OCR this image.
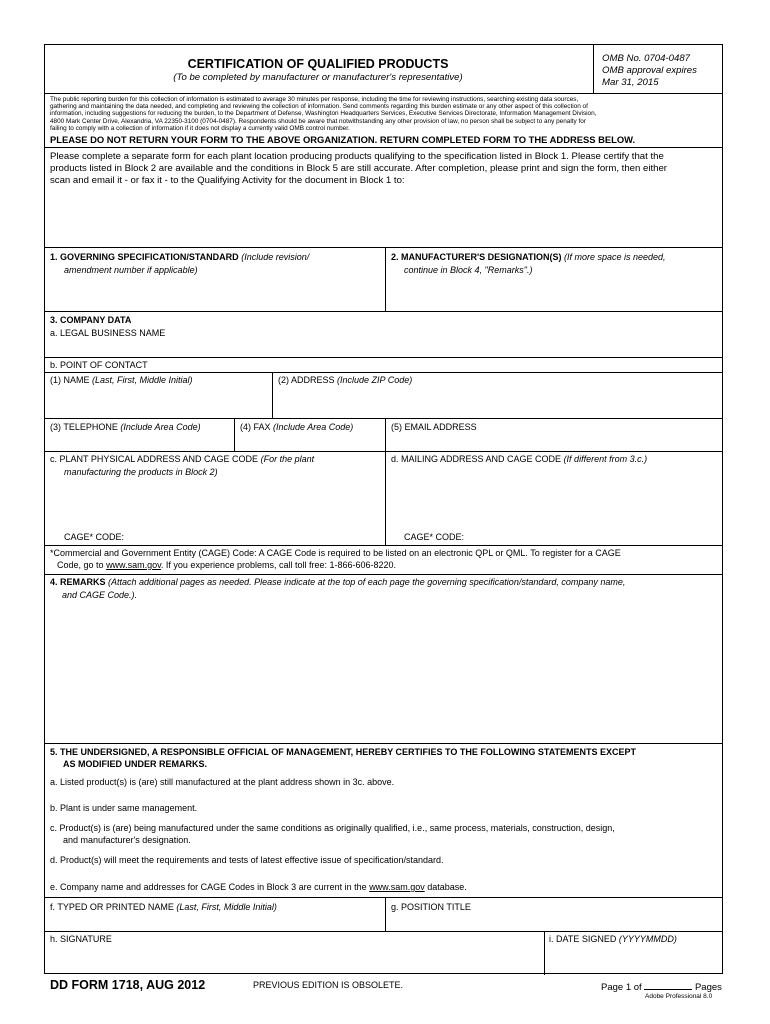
CERTIFICATION OF QUALIFIED PRODUCTS
(To be completed by manufacturer or manufacturer's representative)
OMB No. 0704-0487
OMB approval expires
Mar 31, 2015
The public reporting burden for this collection of information is estimated to average 30 minutes per response, including the time for reviewing instructions, searching existing data sources,
gathering and maintaining the data needed, and completing and reviewing the collection of information. Send comments regarding this burden estimate or any other aspect of this collection of
information, including suggestions for reducing the burden, to the Department of Defense, Washington Headquarters Services, Executive Services Directorate, Information Management Division,
4800 Mark Center Drive, Alexandria, VA 22350-3100 (0704-0487). Respondents should be aware that notwithstanding any other provision of law, no person shall be subject to any penalty for
failing to comply with a collection of information if it does not display a currently valid OMB control number.
PLEASE DO NOT RETURN YOUR FORM TO THE ABOVE ORGANIZATION. RETURN COMPLETED FORM TO THE ADDRESS BELOW.
Please complete a separate form for each plant location producing products qualifying to the specification listed in Block 1. Please certify that the
products listed in Block 2 are available and the conditions in Block 5 are still accurate. After completion, please print and sign the form, then either
scan and email it - or fax it - to the Qualifying Activity for the document in Block 1 to:
1. GOVERNING SPECIFICATION/STANDARD (Include revision/
amendment number if applicable)
2. MANUFACTURER'S DESIGNATION(S) (If more space is needed,
continue in Block 4, "Remarks".)
3. COMPANY DATA
a. LEGAL BUSINESS NAME
b. POINT OF CONTACT
(1) NAME (Last, First, Middle Initial)	(2) ADDRESS (Include ZIP Code)
(3) TELEPHONE (Include Area Code)	(4) FAX (Include Area Code)	(5) EMAIL ADDRESS
c. PLANT PHYSICAL ADDRESS AND CAGE CODE (For the plant
manufacturing the products in Block 2)
CAGE* CODE:
d. MAILING ADDRESS AND CAGE CODE (If different from 3.c.)
CAGE* CODE:
*Commercial and Government Entity (CAGE) Code: A CAGE Code is required to be listed on an electronic QPL or QML. To register for a CAGE
Code, go to www.sam.gov. If you experience problems, call toll free: 1-866-606-8220.
4. REMARKS (Attach additional pages as needed. Please indicate at the top of each page the governing specification/standard, company name,
and CAGE Code.).
5. THE UNDERSIGNED, A RESPONSIBLE OFFICIAL OF MANAGEMENT, HEREBY CERTIFIES TO THE FOLLOWING STATEMENTS EXCEPT
AS MODIFIED UNDER REMARKS.
a. Listed product(s) is (are) still manufactured at the plant address shown in 3c. above.
b. Plant is under same management.
c. Product(s) is (are) being manufactured under the same conditions as originally qualified, i.e., same process, materials, construction, design,
and manufacturer's designation.
d. Product(s) will meet the requirements and tests of latest effective issue of specification/standard.
e. Company name and addresses for CAGE Codes in Block 3 are current in the www.sam.gov database.
f. TYPED OR PRINTED NAME (Last, First, Middle Initial)	g. POSITION TITLE
h. SIGNATURE	i. DATE SIGNED (YYYYMMDD)
DD FORM 1718, AUG 2012	PREVIOUS EDITION IS OBSOLETE.	Page 1 of	Pages
Adobe Professional 8.0
